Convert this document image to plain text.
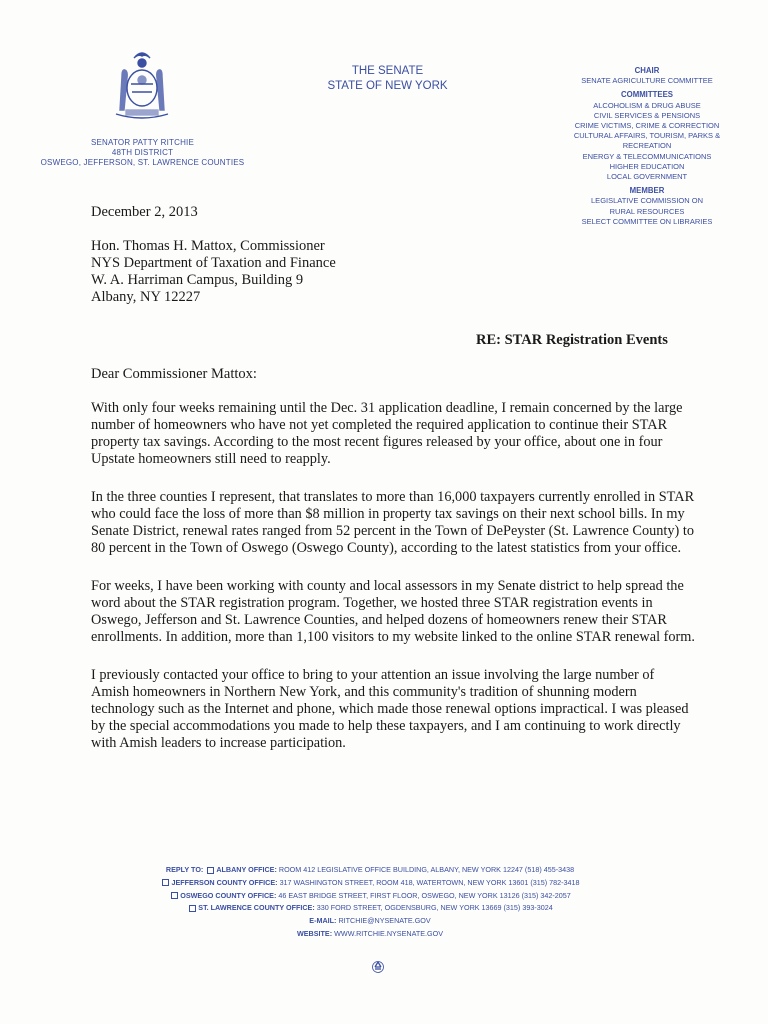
SENATOR PATTY RITCHIE
48TH DISTRICT
OSWEGO, JEFFERSON, ST. LAWRENCE COUNTIES
THE SENATE
STATE OF NEW YORK
CHAIR
SENATE AGRICULTURE COMMITTEE
COMMITTEES
ALCOHOLISM & DRUG ABUSE
CIVIL SERVICES & PENSIONS
CRIME VICTIMS, CRIME & CORRECTION
CULTURAL AFFAIRS, TOURISM, PARKS &
RECREATION
ENERGY & TELECOMMUNICATIONS
HIGHER EDUCATION
LOCAL GOVERNMENT
MEMBER
LEGISLATIVE COMMISSION ON
RURAL RESOURCES
SELECT COMMITTEE ON LIBRARIES
December 2, 2013
Hon. Thomas H. Mattox, Commissioner
NYS Department of Taxation and Finance
W. A. Harriman Campus, Building 9
Albany, NY 12227
RE: STAR Registration Events
Dear Commissioner Mattox:

With only four weeks remaining until the Dec. 31 application deadline, I remain concerned by the large number of homeowners who have not yet completed the required application to continue their STAR property tax savings. According to the most recent figures released by your office, about one in four Upstate homeowners still need to reapply.

In the three counties I represent, that translates to more than 16,000 taxpayers currently enrolled in STAR who could face the loss of more than $8 million in property tax savings on their next school bills. In my Senate District, renewal rates ranged from 52 percent in the Town of DePeyster (St. Lawrence County) to 80 percent in the Town of Oswego (Oswego County), according to the latest statistics from your office.

For weeks, I have been working with county and local assessors in my Senate district to help spread the word about the STAR registration program. Together, we hosted three STAR registration events in Oswego, Jefferson and St. Lawrence Counties, and helped dozens of homeowners renew their STAR enrollments. In addition, more than 1,100 visitors to my website linked to the online STAR renewal form.

I previously contacted your office to bring to your attention an issue involving the large number of Amish homeowners in Northern New York, and this community's tradition of shunning modern technology such as the Internet and phone, which made those renewal options impractical. I was pleased by the special accommodations you made to help these taxpayers, and I am continuing to work directly with Amish leaders to increase participation.

REPLY TO: ALBANY OFFICE: ROOM 412 LEGISLATIVE OFFICE BUILDING, ALBANY, NEW YORK 12247 (518) 455-3438
JEFFERSON COUNTY OFFICE: 317 WASHINGTON STREET, ROOM 418, WATERTOWN, NEW YORK 13601 (315) 782-3418
OSWEGO COUNTY OFFICE: 46 EAST BRIDGE STREET, FIRST FLOOR, OSWEGO, NEW YORK 13126 (315) 342-2057
ST. LAWRENCE COUNTY OFFICE: 330 FORD STREET, OGDENSBURG, NEW YORK 13669 (315) 393-3024
E-MAIL: RITCHIE@NYSENATE.GOV
WEBSITE: WWW.RITCHIE.NYSENATE.GOV
